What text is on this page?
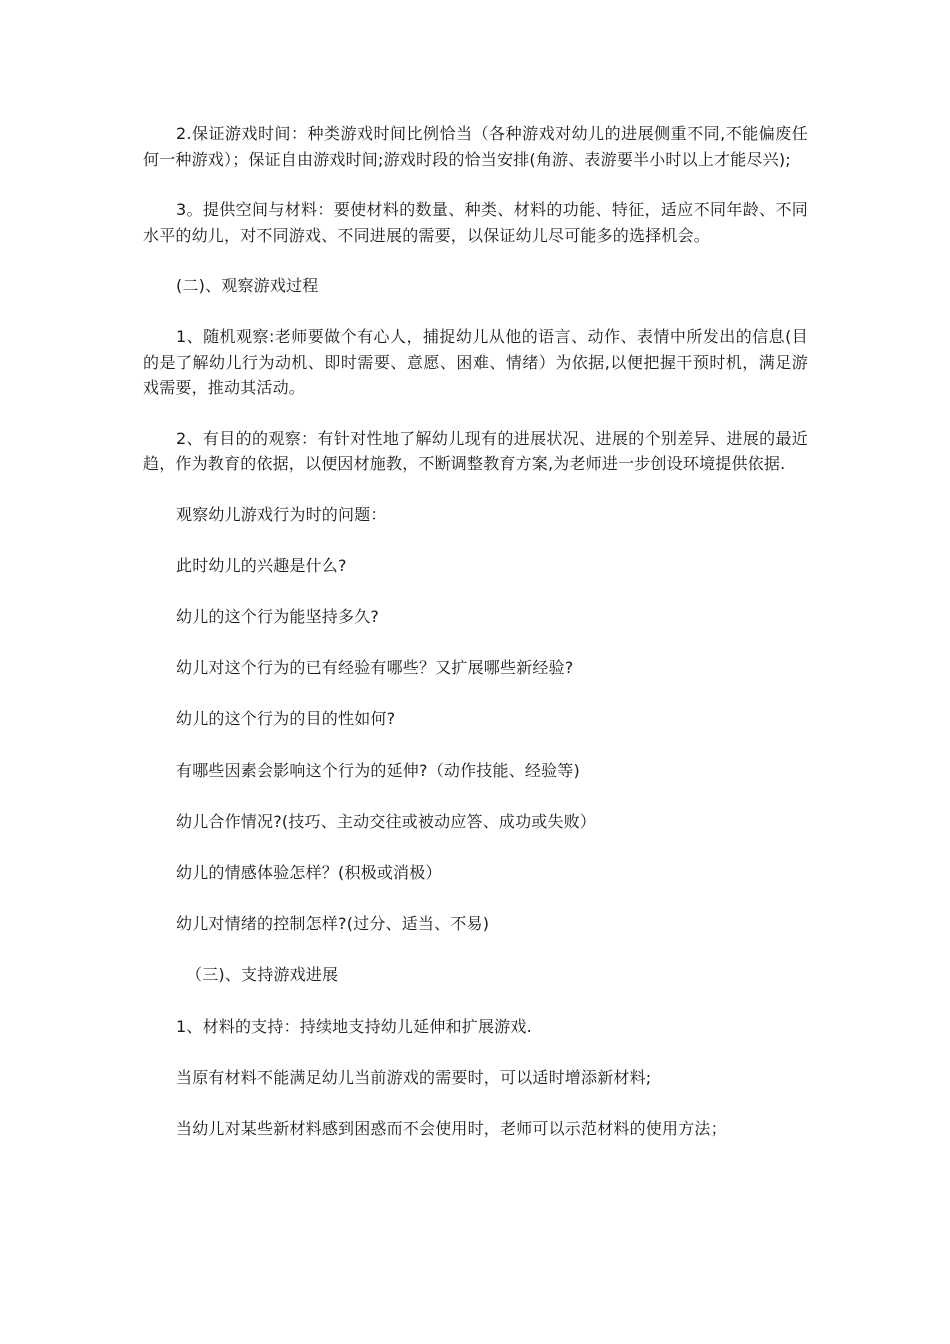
2.保证游戏时间：种类游戏时间比例恰当（各种游戏对幼儿的进展侧重不同,不能偏废任何一种游戏）；保证自由游戏时间;游戏时段的恰当安排(角游、表游要半小时以上才能尽兴);

3。提供空间与材料：要使材料的数量、种类、材料的功能、特征，适应不同年龄、不同水平的幼儿，对不同游戏、不同进展的需要，以保证幼儿尽可能多的选择机会。

(二)、观察游戏过程

1、随机观察:老师要做个有心人，捕捉幼儿从他的语言、动作、表情中所发出的信息(目的是了解幼儿行为动机、即时需要、意愿、困难、情绪）为依据,以便把握干预时机，满足游戏需要，推动其活动。

2、有目的的观察：有针对性地了解幼儿现有的进展状况、进展的个别差异、进展的最近趋，作为教育的依据，以便因材施教，不断调整教育方案,为老师进一步创设环境提供依据.

观察幼儿游戏行为时的问题：

此时幼儿的兴趣是什么?

幼儿的这个行为能坚持多久?

幼儿对这个行为的已有经验有哪些？又扩展哪些新经验?

幼儿的这个行为的目的性如何?

有哪些因素会影响这个行为的延伸?（动作技能、经验等)

幼儿合作情况?(技巧、主动交往或被动应答、成功或失败）

幼儿的情感体验怎样？(积极或消极）

幼儿对情绪的控制怎样?(过分、适当、不易)

（三)、支持游戏进展

1、材料的支持：持续地支持幼儿延伸和扩展游戏.

当原有材料不能满足幼儿当前游戏的需要时，可以适时增添新材料;

当幼儿对某些新材料感到困惑而不会使用时，老师可以示范材料的使用方法；
